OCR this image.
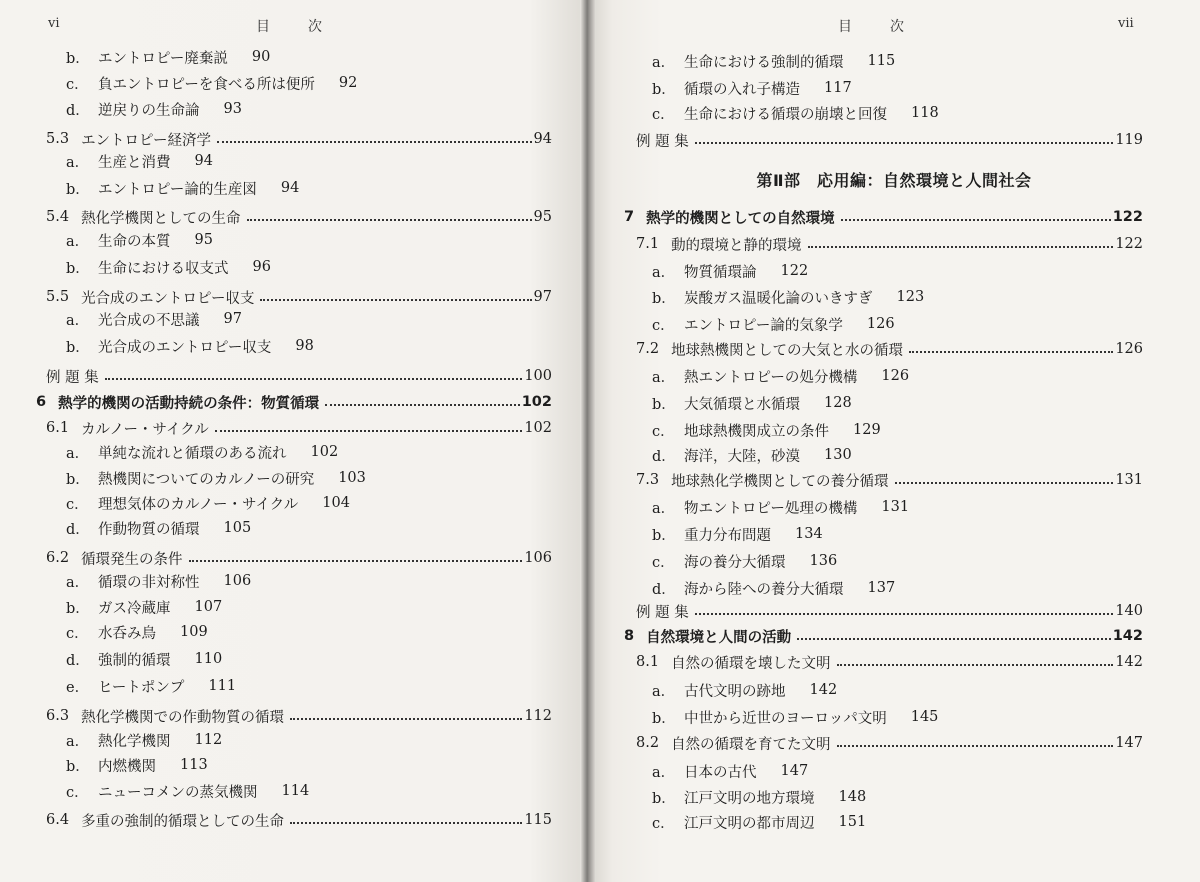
vi	目次
b． エントロピー廃棄説 90
c． 負エントロピーを食べる所は便所 92
d． 逆戻りの生命論 93
5.3 エントロピー経済学	94
a． 生産と消費 94
b． エントロピー論的生産図 94
5.4 熱化学機関としての生命	95
a． 生命の本質 95
b． 生命における収支式 96
5.5 光合成のエントロピー収支	97
a． 光合成の不思議 97
b． 光合成のエントロピー収支 98
例 題 集	100
6 熱学的機関の活動持続の条件：物質循環	102
6.1 カルノー・サイクル	102
a． 単純な流れと循環のある流れ 102
b． 熱機関についてのカルノーの研究 103
c． 理想気体のカルノー・サイクル 104
d． 作動物質の循環 105
6.2 循環発生の条件	106
a． 循環の非対称性 106
b． ガス冷蔵庫 107
c． 水呑み鳥 109
d． 強制的循環 110
e． ヒートポンプ 111
6.3 熱化学機関での作動物質の循環	112
a． 熱化学機関 112
b． 内燃機関 113
c． ニューコメンの蒸気機関 114
6.4 多重の強制的循環としての生命	115
目次	vii
第Ⅱ部　応用編：自然環境と人間社会
a． 生命における強制的循環 115
b． 循環の入れ子構造 117
c． 生命における循環の崩壊と回復 118
例 題 集	119
7 熱学的機関としての自然環境	122
7.1 動的環境と静的環境	122
a． 物質循環論 122
b． 炭酸ガス温暖化論のいきすぎ 123
c． エントロピー論的気象学 126
7.2 地球熱機関としての大気と水の循環	126
a． 熱エントロピーの処分機構 126
b． 大気循環と水循環 128
c． 地球熱機関成立の条件 129
d． 海洋，大陸，砂漠 130
7.3 地球熱化学機関としての養分循環	131
a． 物エントロピー処理の機構 131
b． 重力分布問題 134
c． 海の養分大循環 136
d． 海から陸への養分大循環 137
例 題 集	140
8 自然環境と人間の活動	142
8.1 自然の循環を壊した文明	142
a． 古代文明の跡地 142
b． 中世から近世のヨーロッパ文明 145
8.2 自然の循環を育てた文明	147
a． 日本の古代 147
b． 江戸文明の地方環境 148
c． 江戸文明の都市周辺 151
